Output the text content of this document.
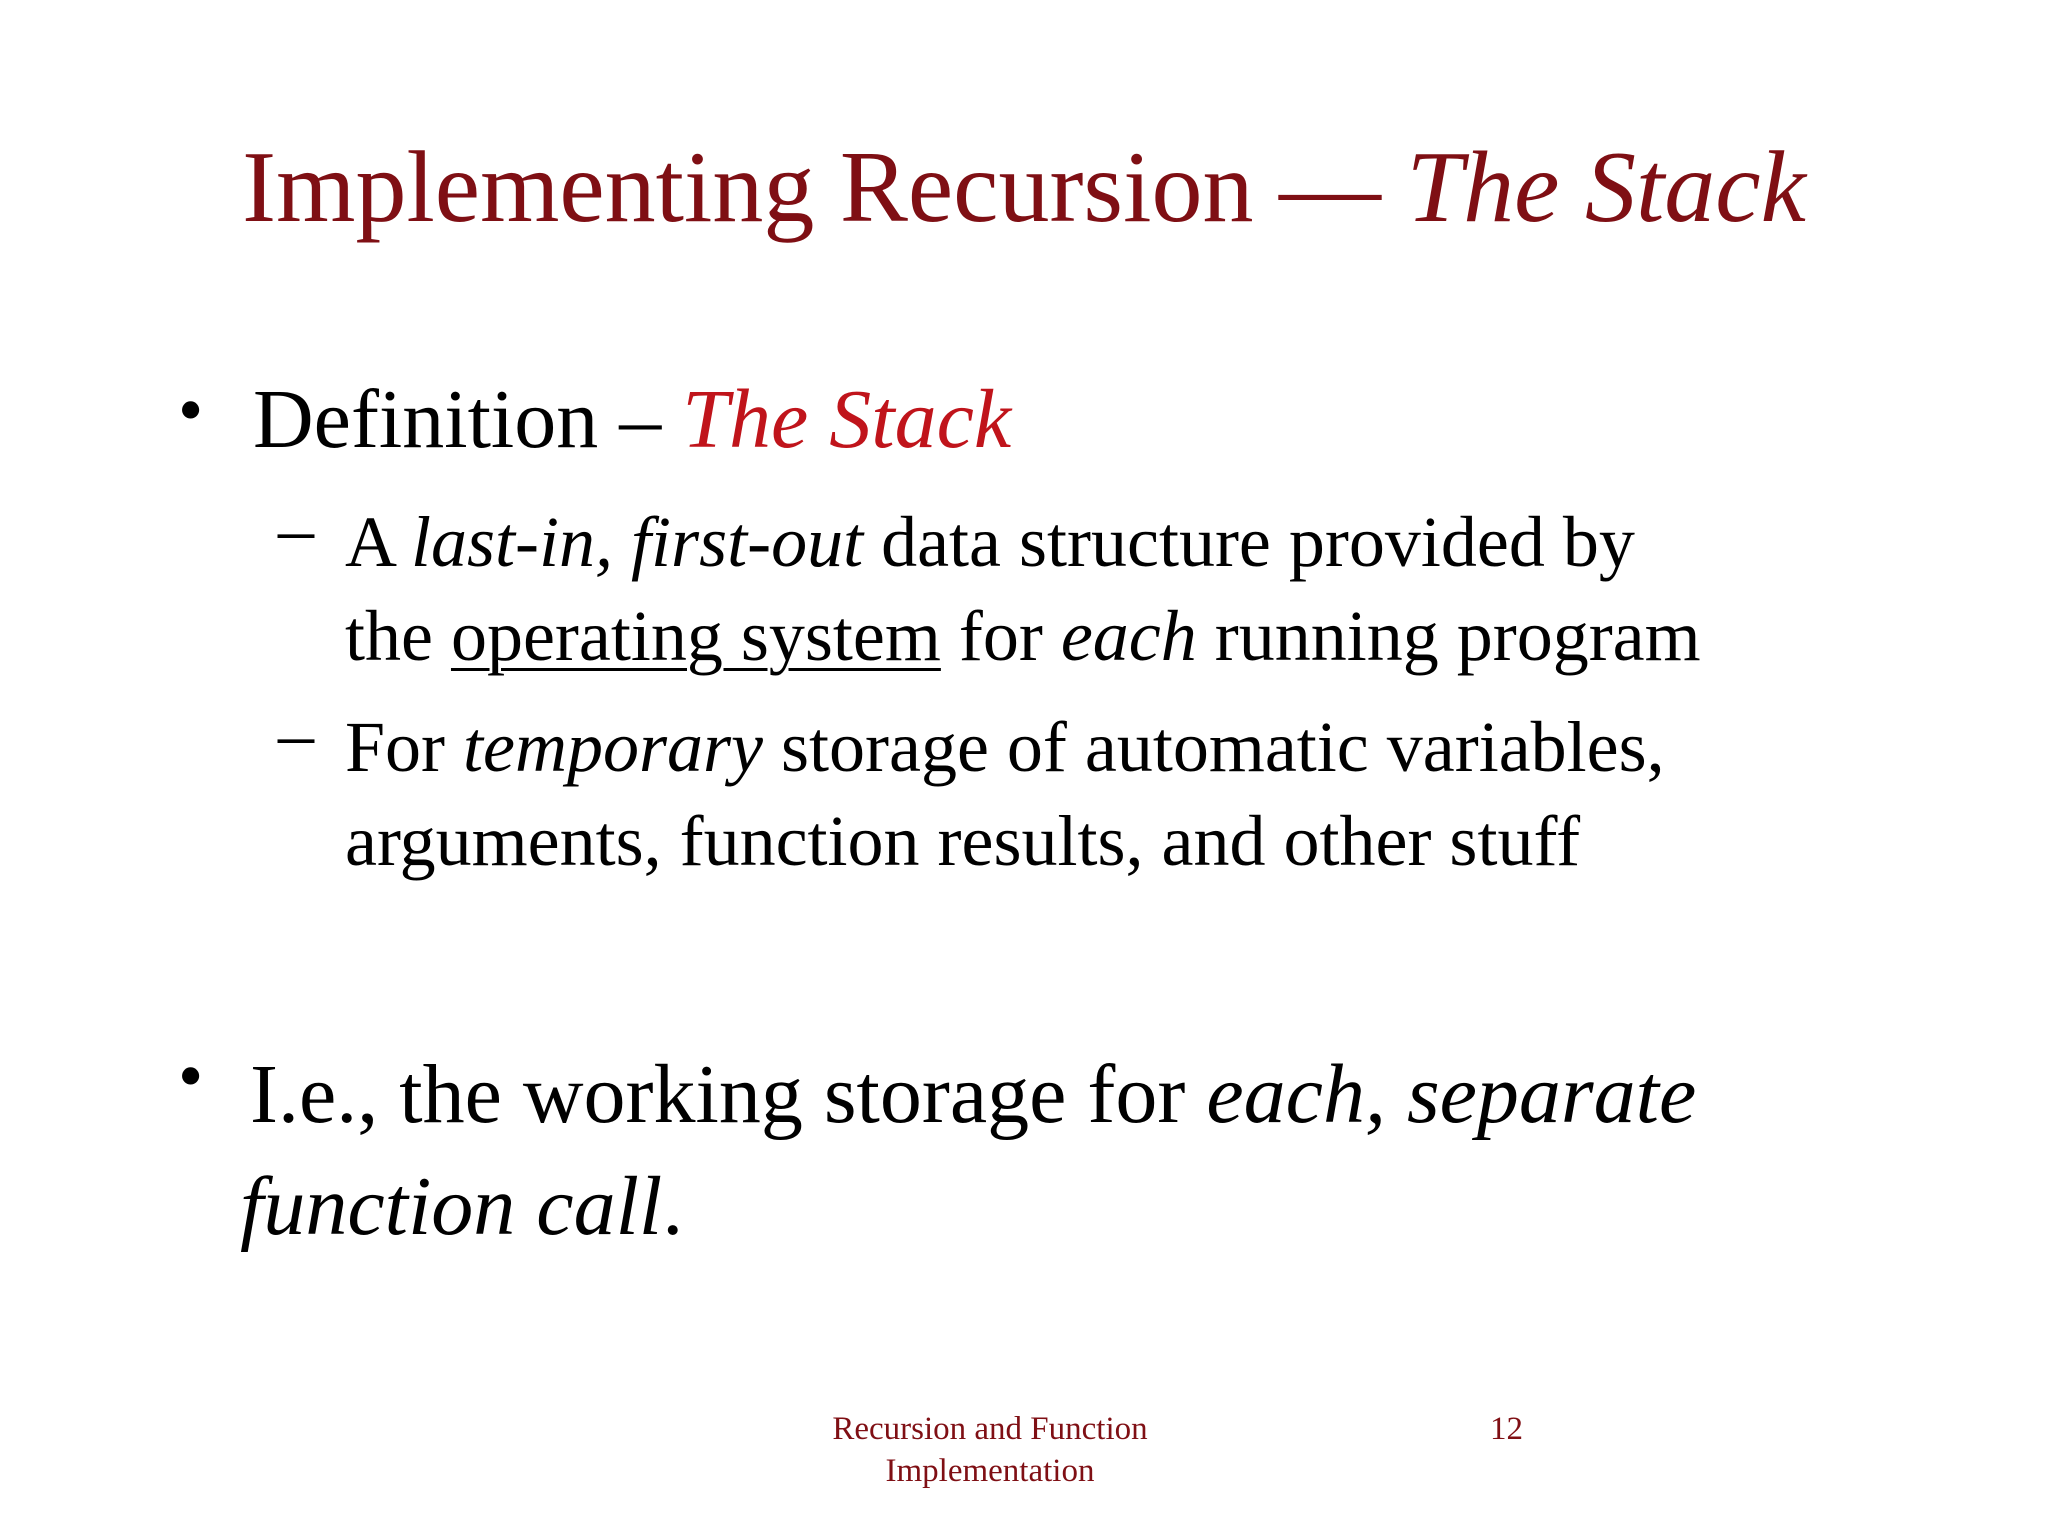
Implementing Recursion — The Stack
• Definition – The Stack
– A last-in, first-out data structure provided by
the operating system for each running program
– For temporary storage of automatic variables,
arguments, function results, and other stuff
• I.e., the working storage for each, separate
function call.
Recursion and Function
Implementation
12
